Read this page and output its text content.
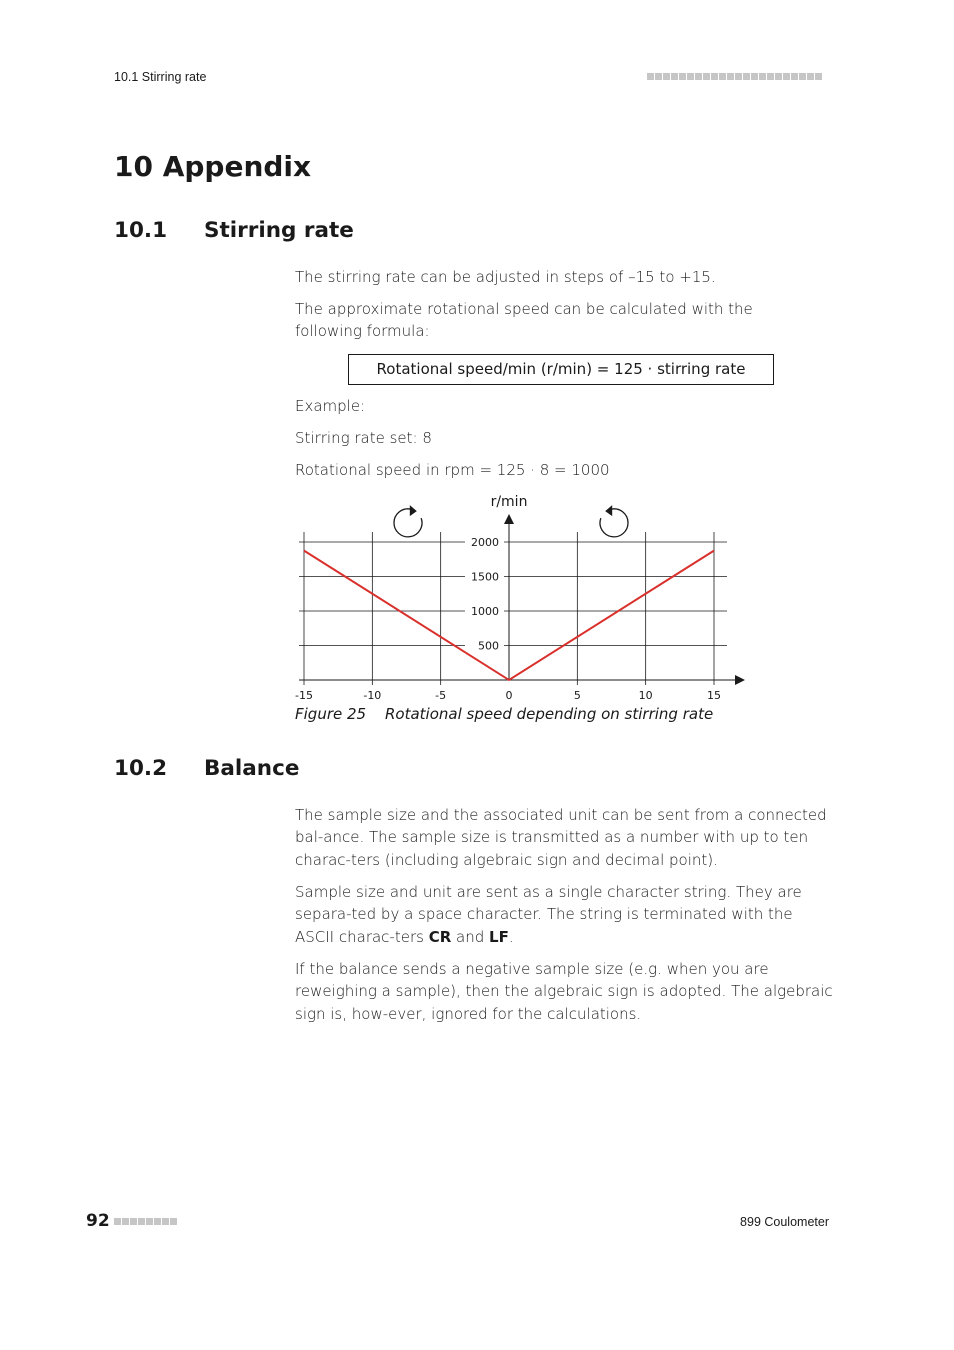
10.1 Stirring rate
10 Appendix
10.1 Stirring rate

The stirring rate can be adjusted in steps of –15 to +15.

The approximate rotational speed can be calculated with the following formula:

Rotational speed/min (r/min) = 125 · stirring rate

Example:

Stirring rate set: 8

Rotational speed in rpm = 125 · 8 = 1000

500
1000
1500
2000
-15	-10	-5	0	5	10	15
r/min
Figure 25 Rotational speed depending on stirring rate
10.2 Balance

The sample size and the associated unit can be sent from a connected bal-ance. The sample size is transmitted as a number with up to ten charac-ters (including algebraic sign and decimal point).

Sample size and unit are sent as a single character string. They are separa-ted by a space character. The string is terminated with the ASCII charac-ters CR and LF.

If the balance sends a negative sample size (e.g. when you are reweighing a sample), then the algebraic sign is adopted. The algebraic sign is, how-ever, ignored for the calculations.

92	899 Coulometer
